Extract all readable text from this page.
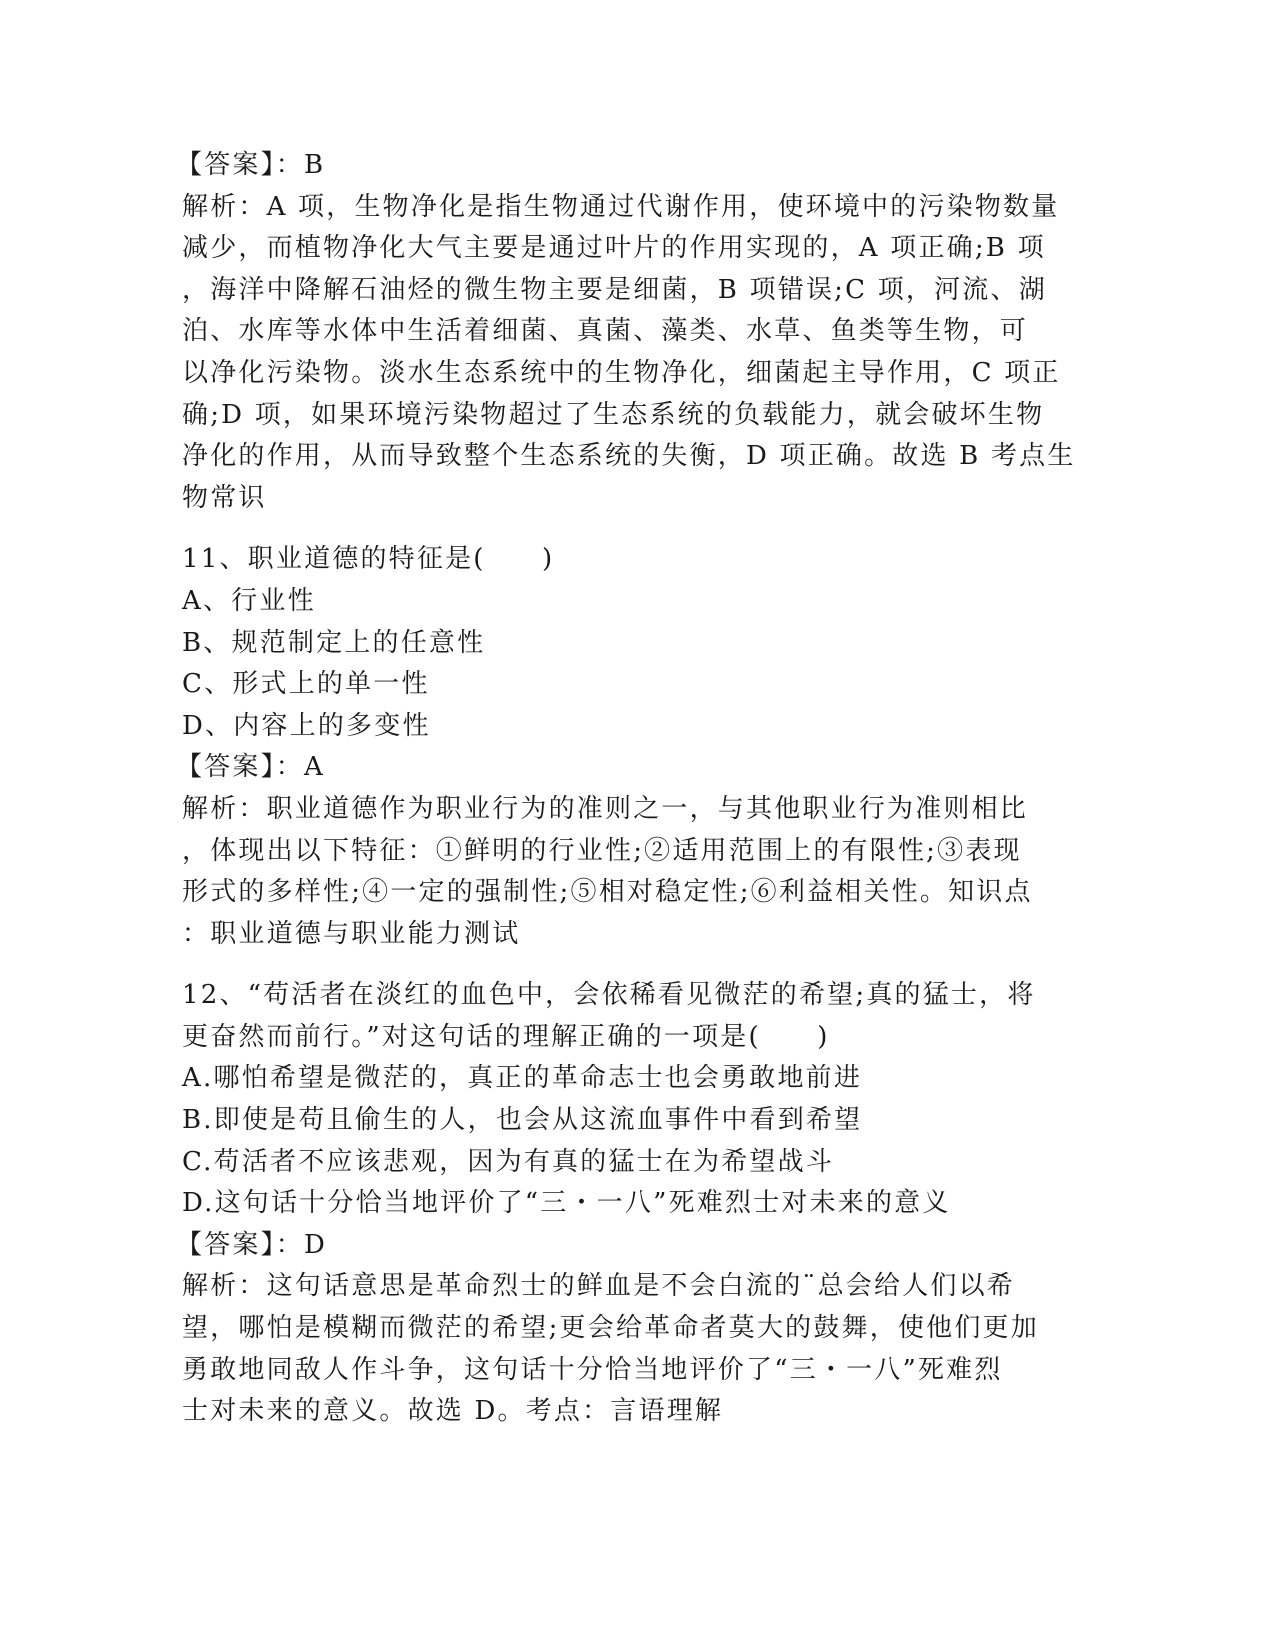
【答案】：B
解析：A 项，生物净化是指生物通过代谢作用，使环境中的污染物数量
减少，而植物净化大气主要是通过叶片的作用实现的，A 项正确;B 项
，海洋中降解石油烃的微生物主要是细菌，B 项错误;C 项，河流、湖
泊、水库等水体中生活着细菌、真菌、藻类、水草、鱼类等生物，可
以净化污染物。淡水生态系统中的生物净化，细菌起主导作用，C 项正
确;D 项，如果环境污染物超过了生态系统的负载能力，就会破坏生物
净化的作用，从而导致整个生态系统的失衡，D 项正确。故选 B 考点生
物常识
11、职业道德的特征是(　　)
A、行业性
B、规范制定上的任意性
C、形式上的单一性
D、内容上的多变性
【答案】：A
解析：职业道德作为职业行为的准则之一，与其他职业行为准则相比
，体现出以下特征：①鲜明的行业性;②适用范围上的有限性;③表现
形式的多样性;④一定的强制性;⑤相对稳定性;⑥利益相关性。知识点
：职业道德与职业能力测试
12、“苟活者在淡红的血色中，会依稀看见微茫的希望;真的猛士，将
更奋然而前行。”对这句话的理解正确的一项是(　　)
A.哪怕希望是微茫的，真正的革命志士也会勇敢地前进
B.即使是苟且偷生的人，也会从这流血事件中看到希望
C.苟活者不应该悲观，因为有真的猛士在为希望战斗
D.这句话十分恰当地评价了“三・一八”死难烈士对未来的意义
【答案】：D
解析：这句话意思是革命烈士的鲜血是不会白流的¨总会给人们以希
望，哪怕是模糊而微茫的希望;更会给革命者莫大的鼓舞，使他们更加
勇敢地同敌人作斗争，这句话十分恰当地评价了“三・一八”死难烈
士对未来的意义。故选 D。考点：言语理解
